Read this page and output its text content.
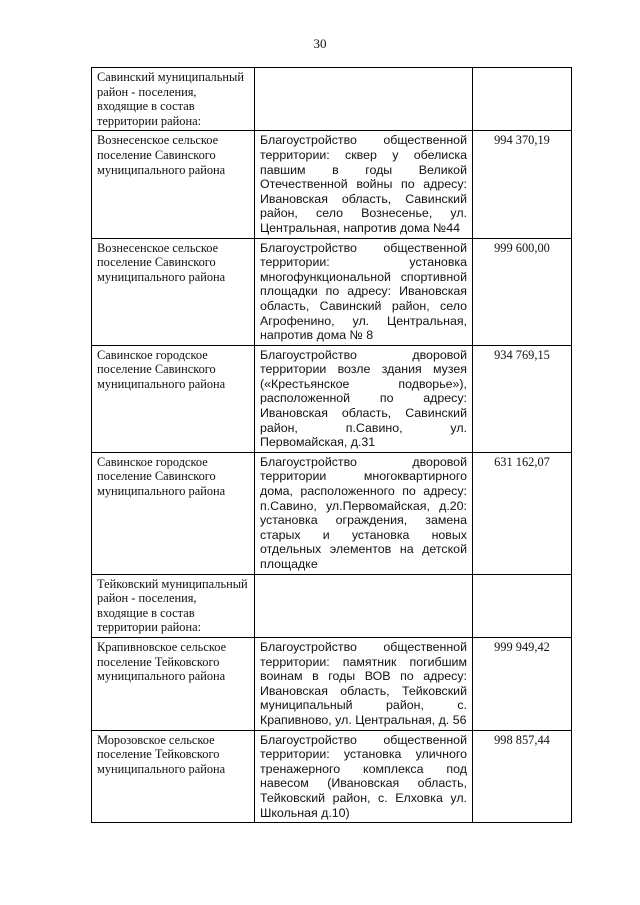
30
Савинский муниципальный район - поселения, входящие в состав территории района:		
Вознесенское сельское поселение Савинского муниципального района	Благоустройство общественной территории: сквер у обелиска павшим в годы Великой Отечественной войны по адресу: Ивановская область, Савинский район, село Вознесенье, ул. Центральная, напротив дома №44	994 370,19
Вознесенское сельское поселение Савинского муниципального района	Благоустройство общественной территории: установка многофункциональной спортивной площадки по адресу: Ивановская область, Савинский район, село Агрофенино, ул. Центральная, напротив дома № 8	999 600,00
Савинское городское поселение Савинского муниципального района	Благоустройство дворовой территории возле здания музея («Крестьянское подворье»), расположенной по адресу: Ивановская область, Савинский район, п.Савино, ул. Первомайская, д.31	934 769,15
Савинское городское поселение Савинского муниципального района	Благоустройство дворовой территории многоквартирного дома, расположенного по адресу: п.Савино, ул.Первомайская, д.20: установка ограждения, замена старых и установка новых отдельных элементов на детской площадке	631 162,07
Тейковский муниципальный район - поселения, входящие в состав территории района:		
Крапивновское сельское поселение Тейковского муниципального района	Благоустройство общественной территории: памятник погибшим воинам в годы ВОВ по адресу: Ивановская область, Тейковский муниципальный район, с. Крапивново, ул. Центральная, д. 56	999 949,42
Морозовское сельское поселение Тейковского муниципального района	Благоустройство общественной территории: установка уличного тренажерного комплекса под навесом (Ивановская область, Тейковский район, с. Елховка ул. Школьная д.10)	998 857,44
